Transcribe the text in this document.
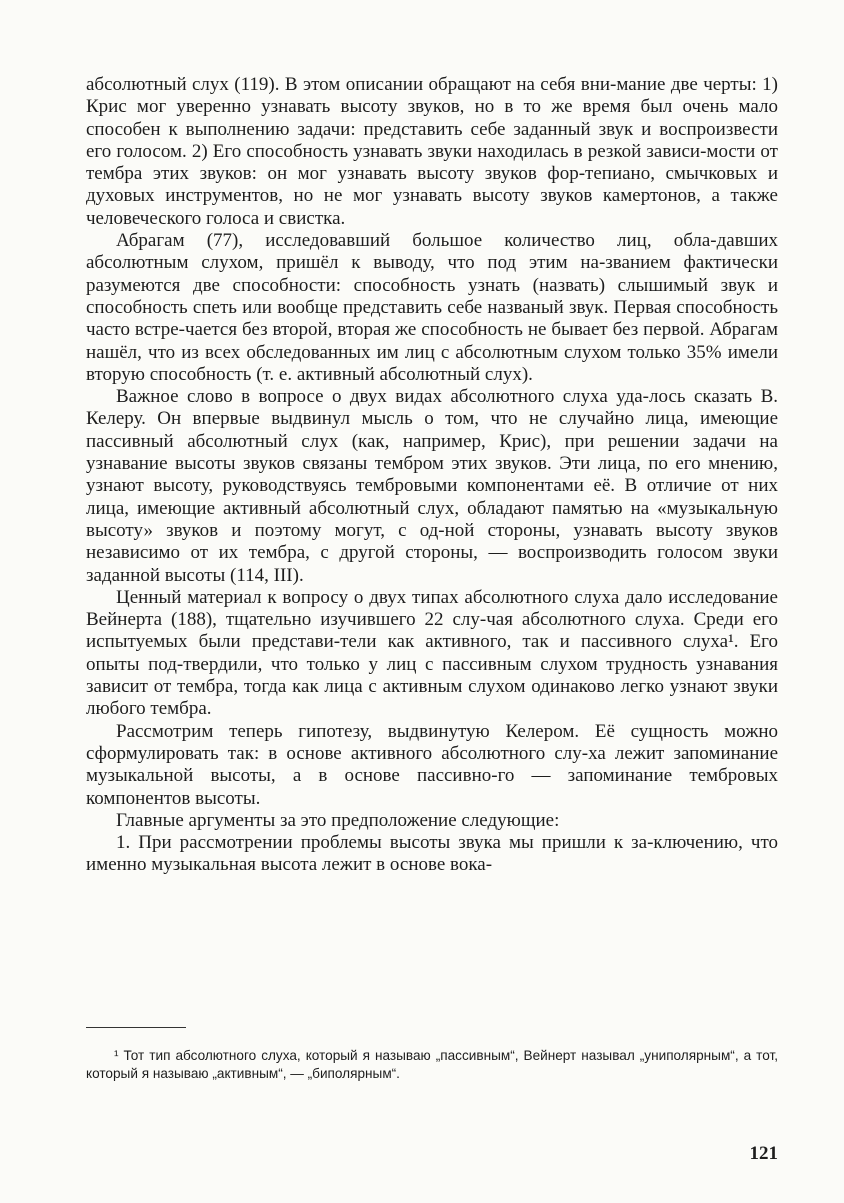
абсолютный слух (119). В этом описании обращают на себя вни-мание две черты: 1) Крис мог уверенно узнавать высоту звуков, но в то же время был очень мало способен к выполнению задачи: представить себе заданный звук и воспроизвести его голосом. 2) Его способность узнавать звуки находилась в резкой зависи-мости от тембра этих звуков: он мог узнавать высоту звуков фор-тепиано, смычковых и духовых инструментов, но не мог узнавать высоту звуков камертонов, а также человеческого голоса и свистка.

Абрагам (77), исследовавший большое количество лиц, обла-давших абсолютным слухом, пришёл к выводу, что под этим на-званием фактически разумеются две способности: способность узнать (назвать) слышимый звук и способность спеть или вообще представить себе названый звук. Первая способность часто встре-чается без второй, вторая же способность не бывает без первой. Абрагам нашёл, что из всех обследованных им лиц с абсолютным слухом только 35% имели вторую способность (т. е. активный абсолютный слух).

Важное слово в вопросе о двух видах абсолютного слуха уда-лось сказать В. Келеру. Он впервые выдвинул мысль о том, что не случайно лица, имеющие пассивный абсолютный слух (как, например, Крис), при решении задачи на узнавание высоты звуков связаны тембром этих звуков. Эти лица, по его мнению, узнают высоту, руководствуясь тембровыми компонентами её. В отличие от них лица, имеющие активный абсолютный слух, обладают памятью на «музыкальную высоту» звуков и поэтому могут, с од-ной стороны, узнавать высоту звуков независимо от их тембра, с другой стороны, — воспроизводить голосом звуки заданной высоты (114, III).

Ценный материал к вопросу о двух типах абсолютного слуха дало исследование Вейнерта (188), тщательно изучившего 22 слу-чая абсолютного слуха. Среди его испытуемых были представи-тели как активного, так и пассивного слуха¹. Его опыты под-твердили, что только у лиц с пассивным слухом трудность узнавания зависит от тембра, тогда как лица с активным слухом одинаково легко узнают звуки любого тембра.

Рассмотрим теперь гипотезу, выдвинутую Келером. Её сущность можно сформулировать так: в основе активного абсолютного слу-ха лежит запоминание музыкальной высоты, а в основе пассивно-го — запоминание тембровых компонентов высоты.

Главные аргументы за это предположение следующие:

1. При рассмотрении проблемы высоты звука мы пришли к за-ключению, что именно музыкальная высота лежит в основе вока-

¹ Тот тип абсолютного слуха, который я называю „пассивным“, Вейнерт называл „униполярным“, а тот, который я называю „активным“, — „биполярным“.

121
